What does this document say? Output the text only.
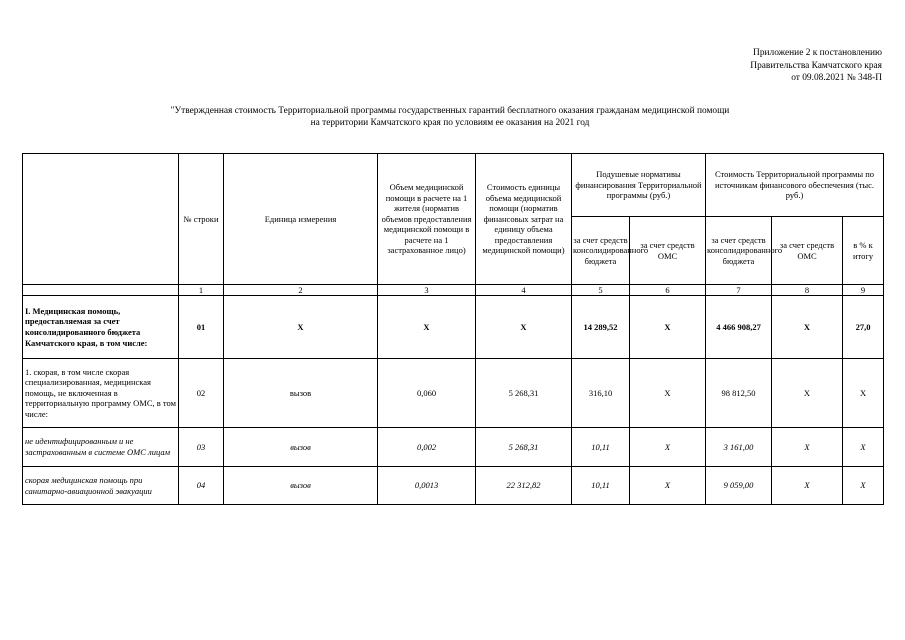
Приложение 2 к постановлению
Правительства Камчатского края
от 09.08.2021 № 348-П
"Утвержденная стоимость Территориальной программы государственных гарантий бесплатного оказания гражданам медицинской помощи
на территории Камчатского края по условиям ее оказания на 2021 год
	№ строки	Единица измерения	Объем медицинской помощи в расчете на 1 жителя (норматив объемов предоставления медицинской помощи в расчете на 1 застрахованное лицо)	Стоимость единицы объема медицинской помощи (норматив финансовых затрат на единицу объема предоставления медицинской помощи)	Подушевые нормативы финансирования Территориальной программы (руб.)		Стоимость Территориальной программы по источникам финансового обеспечения (тыс. руб.)		
					за счет средств консолидированного бюджета	за счет средств ОМС	за счет средств консолидированного бюджета	за счет средств ОМС	в % к итогу
	1	2	3	4	5	6	7	8	9
I. Медицинская помощь, предоставляемая за счет консолидированного бюджета Камчатского края, в том числе:	01	X	X	X	14 289,52	X	4 466 908,27	X	27,0
1. скорая, в том числе скорая специализированная, медицинская помощь, не включенная в территориальную программу ОМС, в том числе:	02	вызов	0,060	5 268,31	316,10	X	98 812,50	X	X
не идентифицированным и не застрахованным в системе ОМС лицам	03	вызов	0,002	5 268,31	10,11	X	3 161,00	X	X
скорая медицинская помощь при санитарно-авиационной эвакуации	04	вызов	0,0013	22 312,82	10,11	X	9 059,00	X	X
